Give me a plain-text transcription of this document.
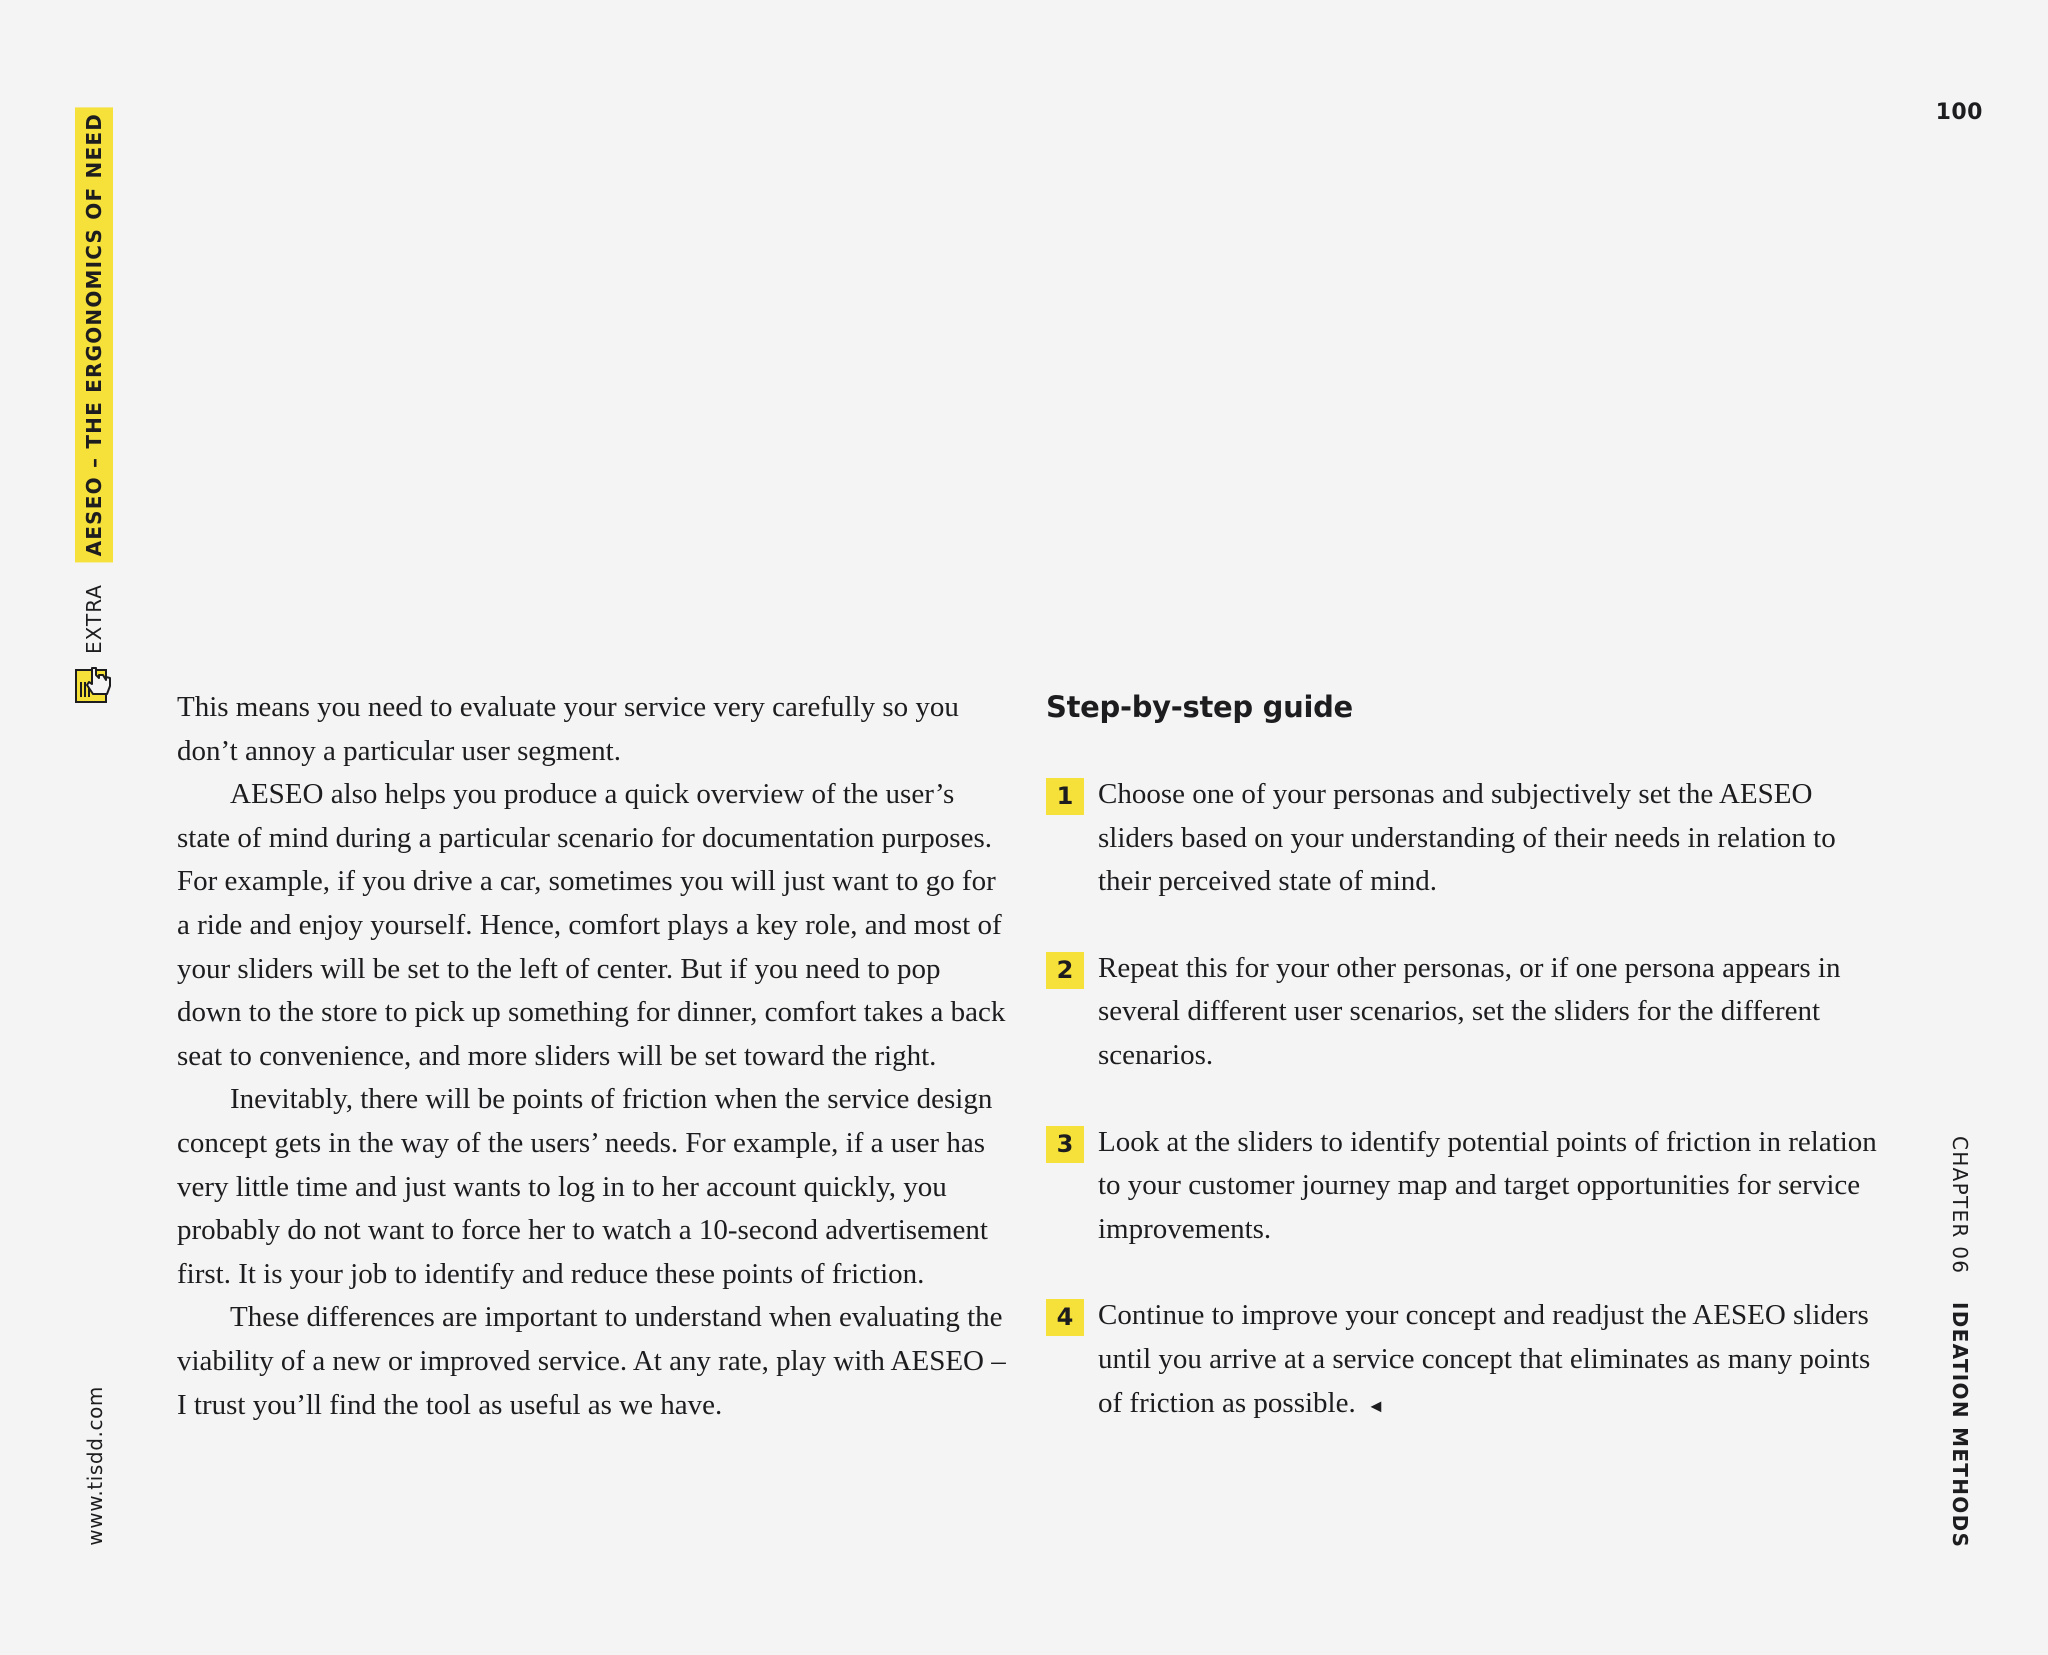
100
AESEO – THE ERGONOMICS OF NEED
EXTRA
www.tisdd.com
CHAPTER 06
IDEATION METHODS

This means you need to evaluate your service very carefully so you don’t annoy a particular user segment.

AESEO also helps you produce a quick overview of the user’s state of mind during a particular scenario for documentation purposes. For example, if you drive a car, sometimes you will just want to go for a ride and enjoy yourself. Hence, comfort plays a key role, and most of your sliders will be set to the left of center. But if you need to pop down to the store to pick up something for dinner, comfort takes a back seat to convenience, and more sliders will be set toward the right.

Inevitably, there will be points of friction when the service design concept gets in the way of the users’ needs. For example, if a user has very little time and just wants to log in to her account quickly, you probably do not want to force her to watch a 10-second advertisement first. It is your job to identify and reduce these points of friction.

These differences are important to understand when evaluating the viability of a new or improved service. At any rate, play with AESEO – I trust you’ll find the tool as useful as we have.

Step-by-step guide
1 Choose one of your personas and subjectively set the AESEO sliders based on your understanding of their needs in relation to their perceived state of mind.
2 Repeat this for your other personas, or if one persona appears in several different user scenarios, set the sliders for the different scenarios.
3 Look at the sliders to identify potential points of friction in relation to your customer journey map and target opportunities for service improvements.
4 Continue to improve your concept and readjust the AESEO sliders until you arrive at a service concept that eliminates as many points of friction as possible. ◄
